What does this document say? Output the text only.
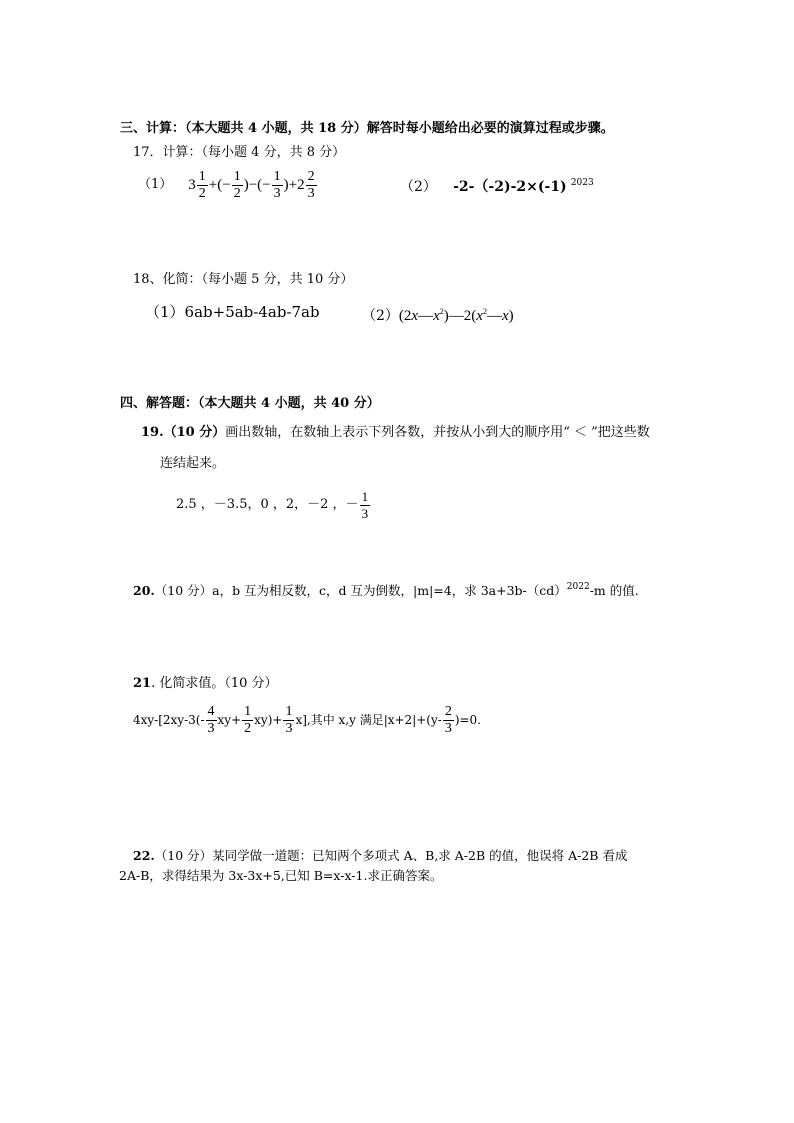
三、计算：（本大题共 4 小题，共 18 分）解答时每小题给出必要的演算过程或步骤。
17．计算：（每小题 4 分，共 8 分）
（1） $3 \frac{1}{2}$ +(− $\frac{1}{2}$ )−(− $\frac{1}{3} )+2 \frac{2}{3}$	（2） -2-（-2)-2×(-1) $^{2023}$
18、化简：（每小题 5 分，共 10 分）
（1）6ab+5ab-4ab-7ab	$(2)(2x—x^2)—2(x^2—x)$
四、解答题：（本大题共 4 小题，共 40 分）
19.（10 分）画出数轴，在数轴上表示下列各数，并按从小到大的顺序用“ ＜ ”把这些数
连结起来。
2.5 ，－3.5，0 ，2，－2 ，－ $\frac{1}{3}$
20.（10 分）a，b 互为相反数，c，d 互为倒数，|m|=4，求 3a+3b-（cd）$^{2022}$-m 的值.
21. 化简求值。（10 分）
$4xy-[2xy-3(- \frac{4}{3} xy+ \frac{1}{2} xy)+ \frac{1}{3} x]$,其中 x,y 满足$|x+2|+(y- \frac{2}{3} )=0$.
22.（10 分）某同学做一道题：已知两个多项式 A、B,求 A-2B 的值，他误将 A-2B 看成
2A-B，求得结果为 3x-3x+5,已知 B=x-x-1.求正确答案。
